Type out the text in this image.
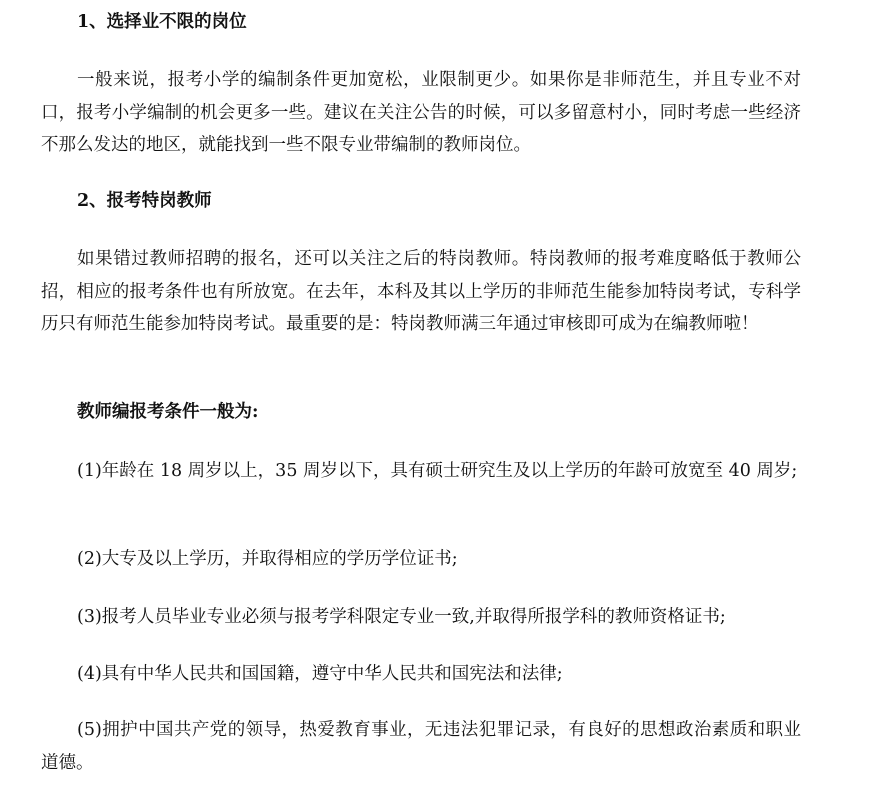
1、选择业不限的岗位
一般来说，报考小学的编制条件更加宽松，业限制更少。如果你是非师范生，并且专业不对口，报考小学编制的机会更多一些。建议在关注公告的时候，可以多留意村小，同时考虑一些经济不那么发达的地区，就能找到一些不限专业带编制的教师岗位。
2、报考特岗教师
如果错过教师招聘的报名，还可以关注之后的特岗教师。特岗教师的报考难度略低于教师公招，相应的报考条件也有所放宽。在去年，本科及其以上学历的非师范生能参加特岗考试，专科学历只有师范生能参加特岗考试。最重要的是：特岗教师满三年通过审核即可成为在编教师啦！
教师编报考条件一般为:
(1)年龄在 18 周岁以上，35 周岁以下，具有硕士研究生及以上学历的年龄可放宽至 40 周岁;
(2)大专及以上学历，并取得相应的学历学位证书;
(3)报考人员毕业专业必须与报考学科限定专业一致,并取得所报学科的教师资格证书;
(4)具有中华人民共和国国籍，遵守中华人民共和国宪法和法律;
(5)拥护中国共产党的领导，热爱教育事业，无违法犯罪记录，有良好的思想政治素质和职业道德。
